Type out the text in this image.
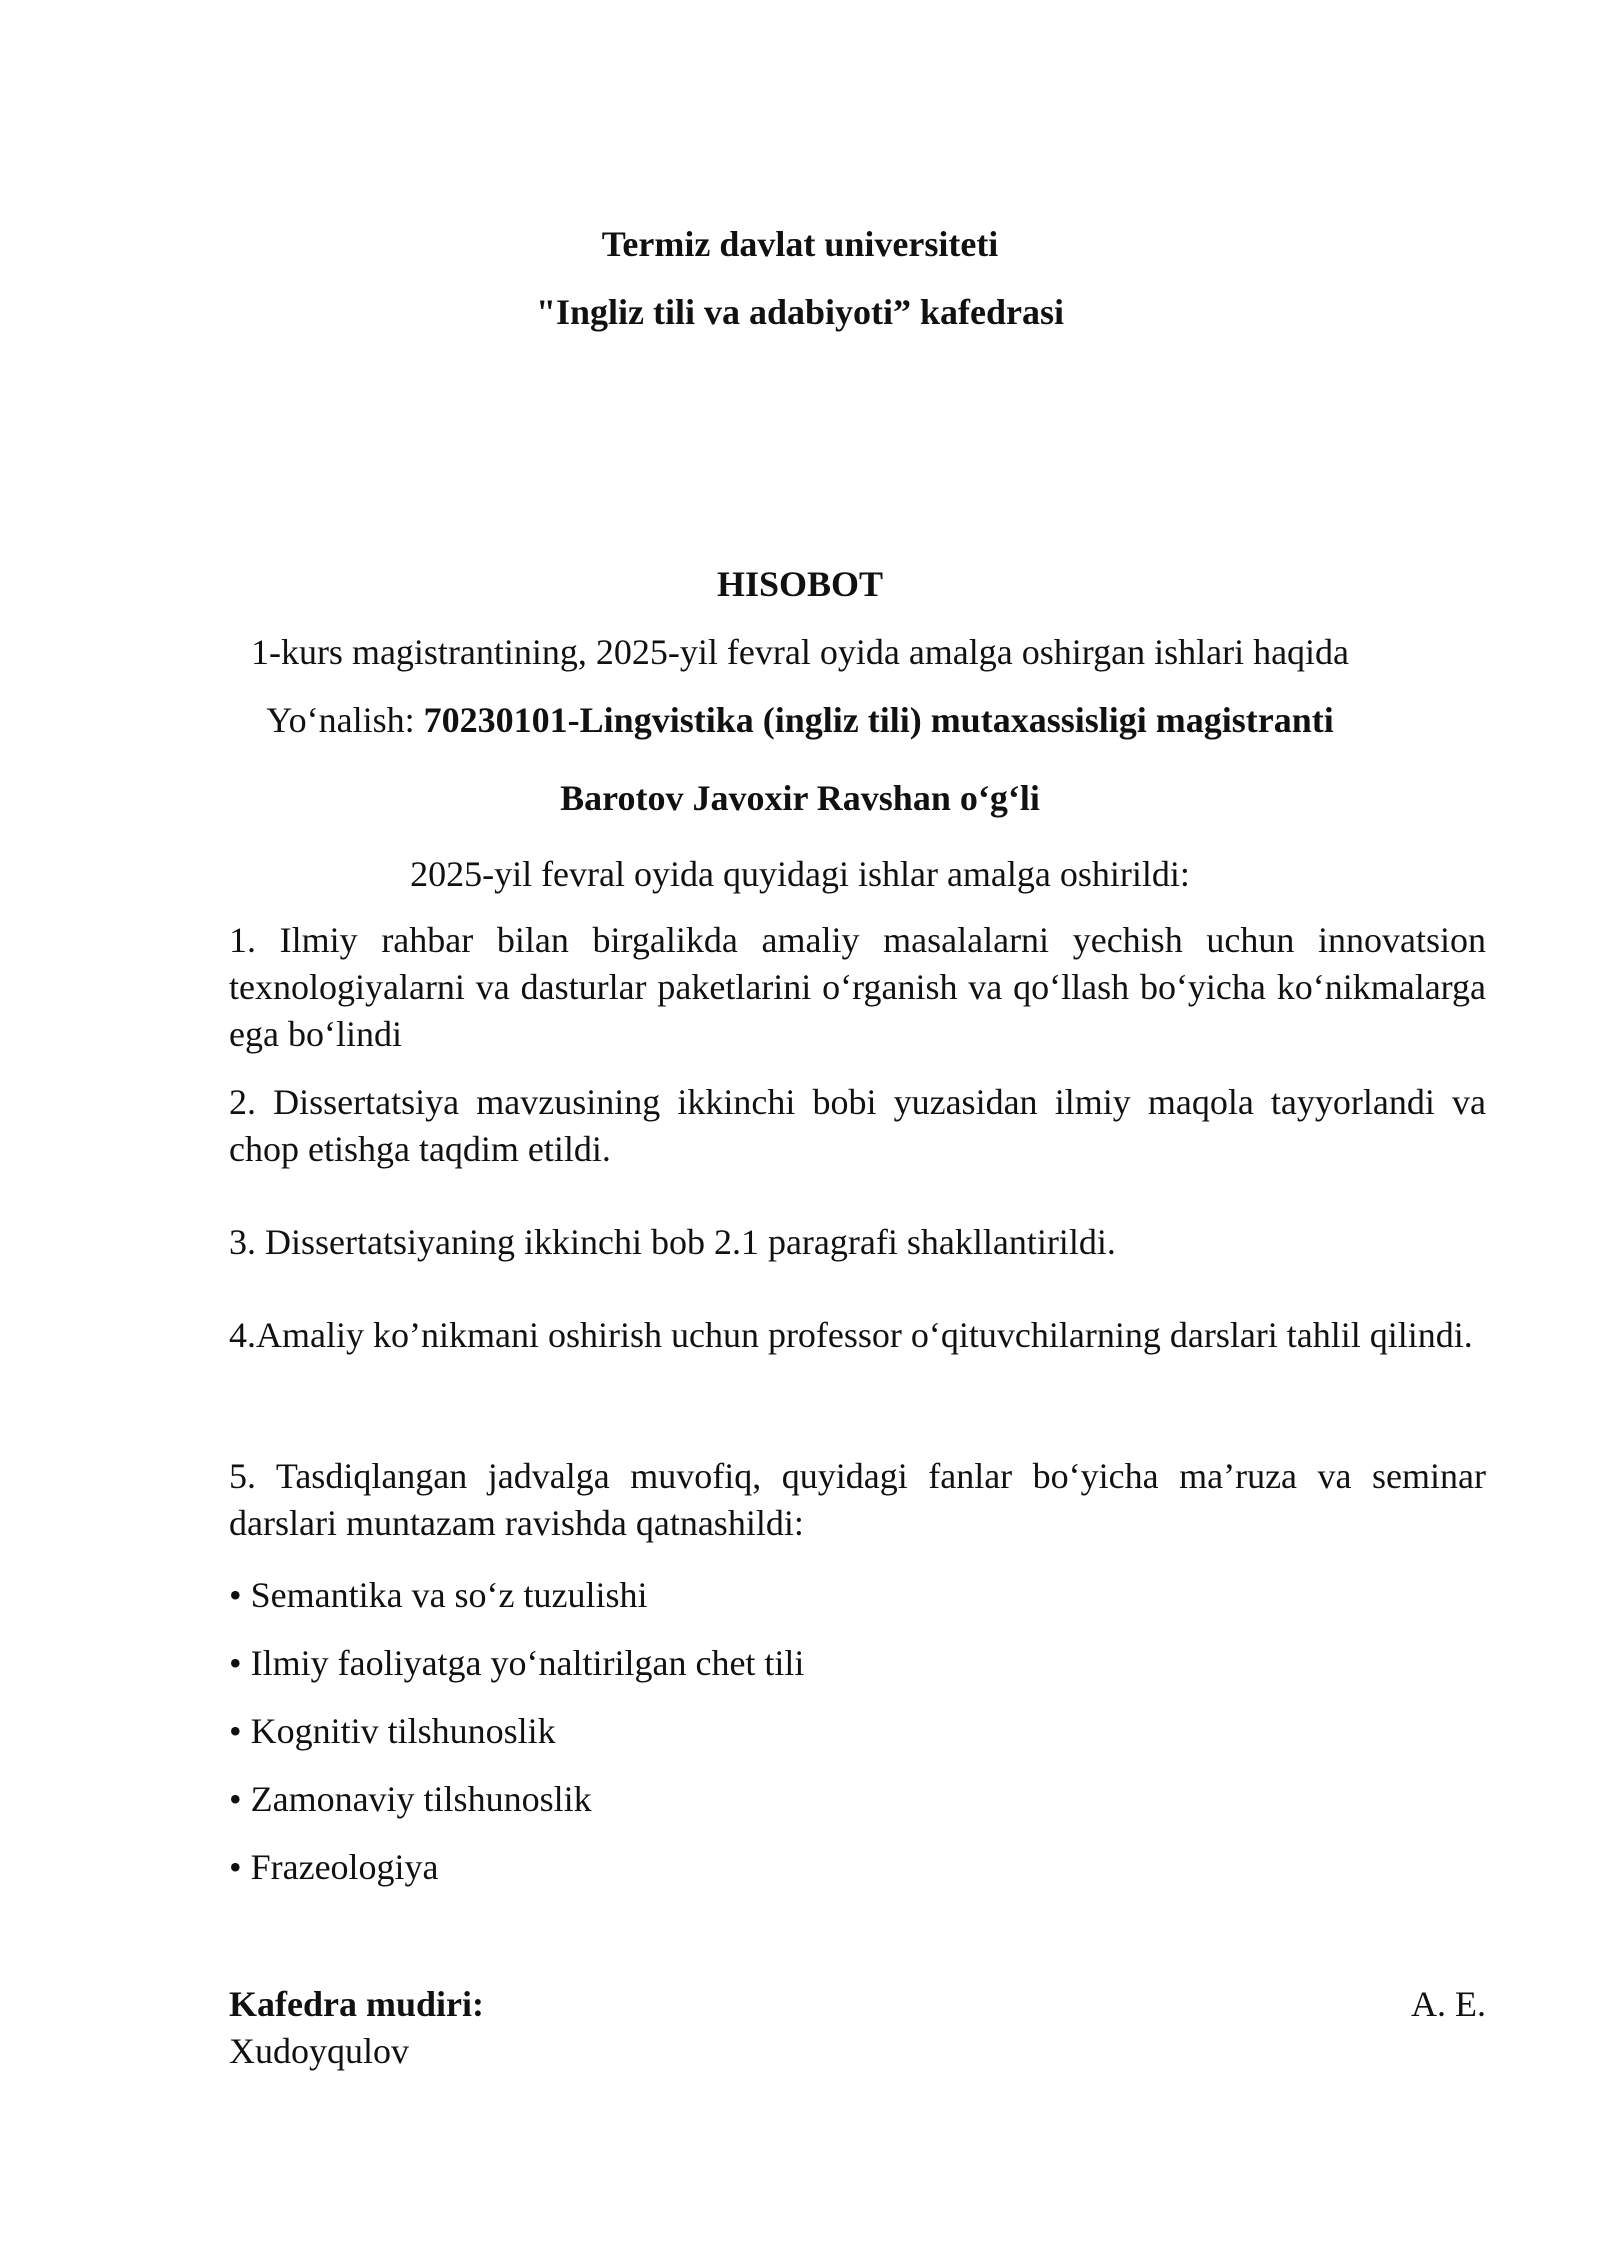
Termiz davlat universiteti
"Ingliz tili va adabiyoti” kafedrasi
HISOBOT
1-kurs magistrantining, 2025-yil fevral oyida amalga oshirgan ishlari haqida
Yo‘nalish: 70230101-Lingvistika (ingliz tili) mutaxassisligi magistranti
Barotov Javoxir Ravshan o‘g‘li
2025-yil fevral oyida quyidagi ishlar amalga oshirildi:
1. Ilmiy rahbar bilan birgalikda amaliy masalalarni yechish uchun innovatsion texnologiyalarni va dasturlar paketlarini o‘rganish va qo‘llash bo‘yicha ko‘nikmalarga ega bo‘lindi
2. Dissertatsiya mavzusining ikkinchi bobi yuzasidan ilmiy maqola tayyorlandi va chop etishga taqdim etildi.
3. Dissertatsiyaning ikkinchi bob 2.1 paragrafi shakllantirildi.
4.Amaliy ko’nikmani oshirish uchun professor o‘qituvchilarning darslari tahlil qilindi.
5. Tasdiqlangan jadvalga muvofiq, quyidagi fanlar bo‘yicha ma’ruza va seminar darslari muntazam ravishda qatnashildi:
• Semantika va so‘z tuzulishi
• Ilmiy faoliyatga yo‘naltirilgan chet tili
• Kognitiv tilshunoslik
• Zamonaviy tilshunoslik
• Frazeologiya
Kafedra mudiri:	A. E.
Xudoyqulov
